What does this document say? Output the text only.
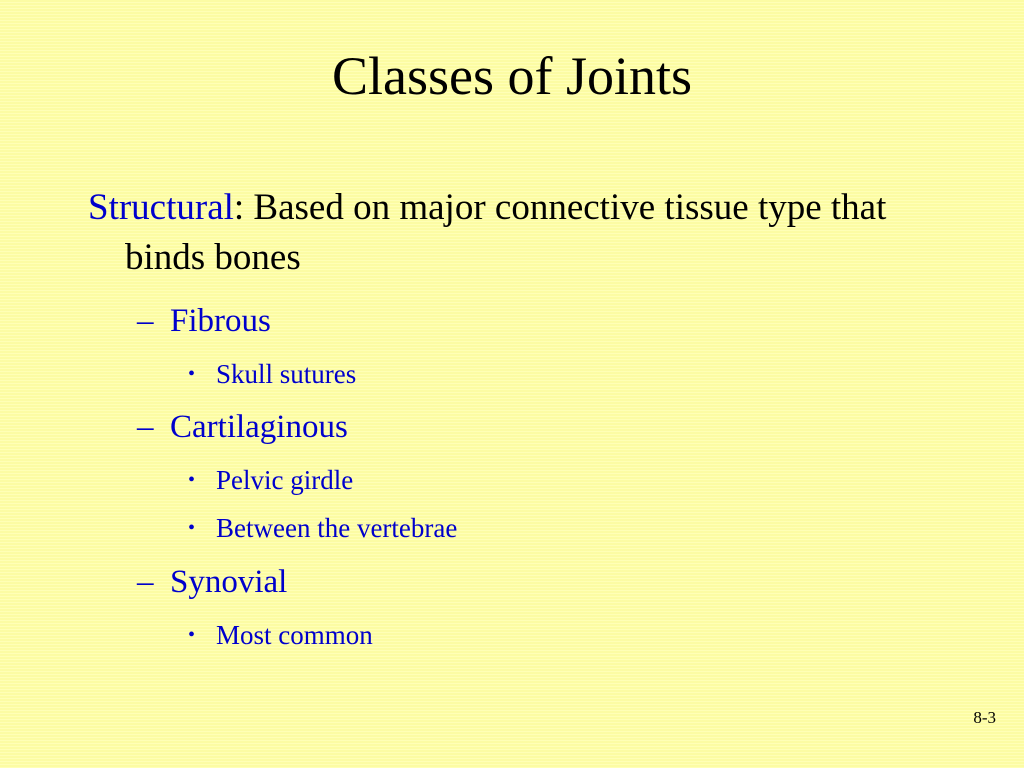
Classes of Joints

Structural: Based on major connective tissue type that binds bones

– Fibrous

• Skull sutures

– Cartilaginous

• Pelvic girdle

• Between the vertebrae

– Synovial

• Most common

8-3
